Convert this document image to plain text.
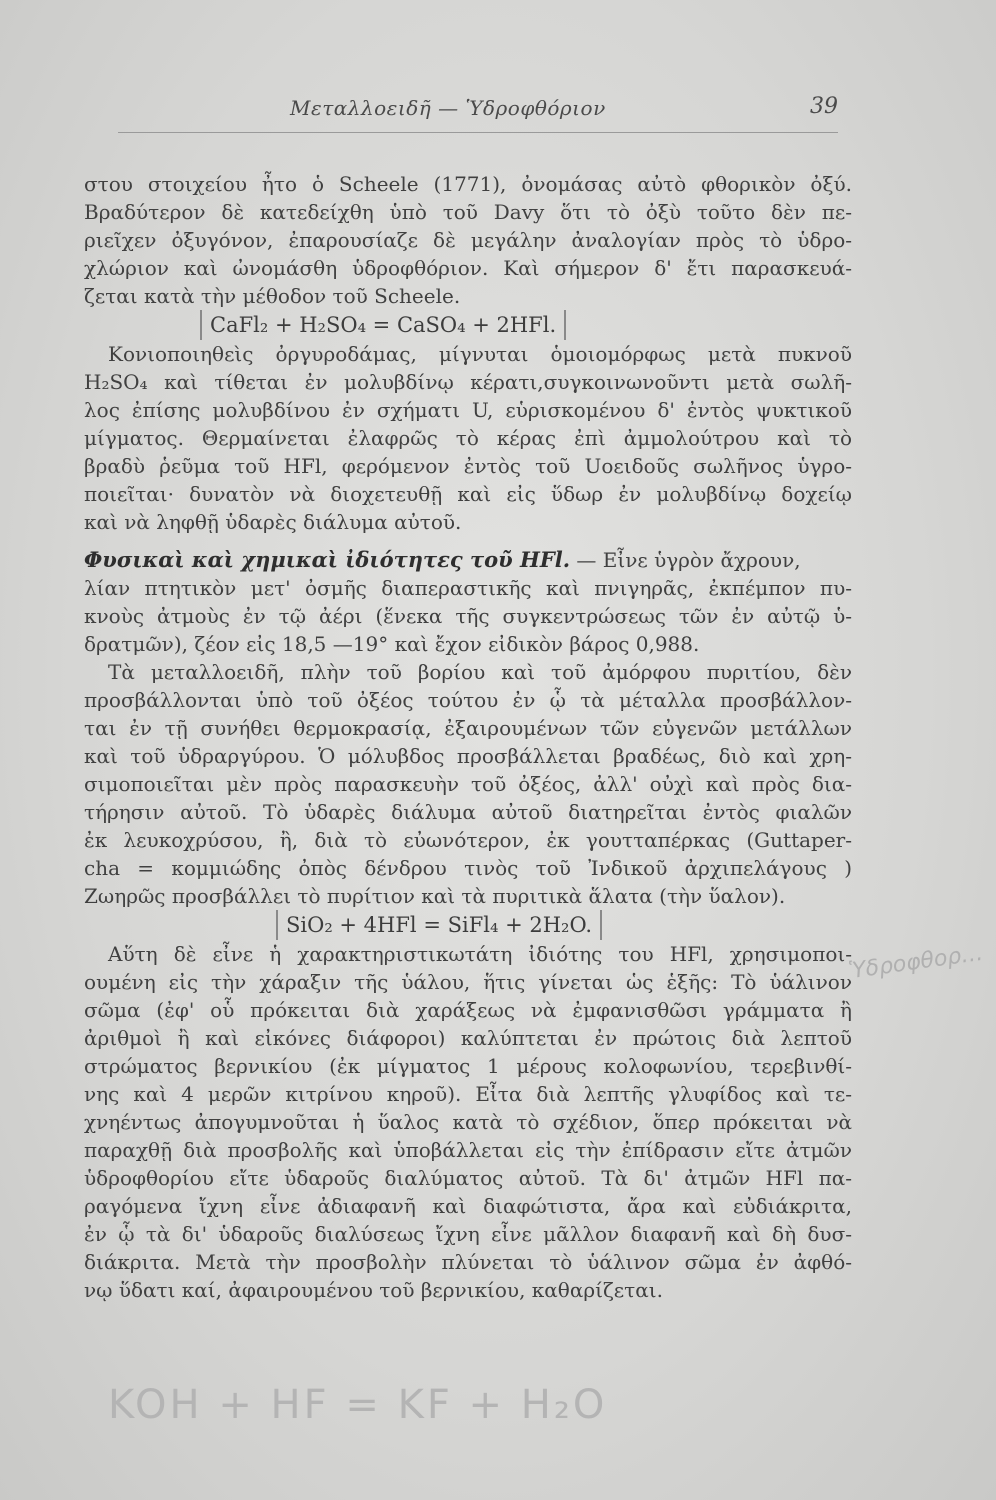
Μεταλλοειδῆ — Ὑδροφθόριον	39
στου στοιχείου ἦτο ὁ Scheele (1771), ὀνομάσας αὐτὸ φθορικὸν ὀξύ.
Βραδύτερον δὲ κατεδείχθη ὑπὸ τοῦ Davy ὅτι τὸ ὀξὺ τοῦτο δὲν πε-
ριεῖχεν ὀξυγόνον, ἐπαρουσίαζε δὲ μεγάλην ἀναλογίαν πρὸς τὸ ὑδρο-
χλώριον καὶ ὠνομάσθη ὑδροφθόριον. Καὶ σήμερον δ' ἔτι παρασκευά-
ζεται κατὰ τὴν μέθοδον τοῦ Scheele.
CaFl₂ + H₂SO₄ = CaSO₄ + 2HFl.
Κονιοποιηθεὶς ὀργυροδάμας, μίγνυται ὁμοιομόρφως μετὰ πυκνοῦ
H₂SO₄ καὶ τίθεται ἐν μολυβδίνῳ κέρατι,συγκοινωνοῦντι μετὰ σωλῆ-
λος ἐπίσης μολυβδίνου ἐν σχήματι U, εὑρισκομένου δ' ἐντὸς ψυκτικοῦ
μίγματος. Θερμαίνεται ἐλαφρῶς τὸ κέρας ἐπὶ ἀμμολούτρου καὶ τὸ
βραδὺ ῥεῦμα τοῦ HFl, φερόμενον ἐντὸς τοῦ Uοειδοῦς σωλῆνος ὑγρο-
ποιεῖται· δυνατὸν νὰ διοχετευθῇ καὶ εἰς ὕδωρ ἐν μολυβδίνῳ δοχείῳ
καὶ νὰ ληφθῇ ὑδαρὲς διάλυμα αὐτοῦ.
Φυσικαὶ καὶ χημικαὶ ἰδιότητες τοῦ HFl. — Εἶνε ὑγρὸν ἄχρουν,
λίαν πτητικὸν μετ' ὀσμῆς διαπεραστικῆς καὶ πνιγηρᾶς, ἐκπέμπον πυ-
κνοὺς ἀτμοὺς ἐν τῷ ἀέρι (ἕνεκα τῆς συγκεντρώσεως τῶν ἐν αὐτῷ ὑ-
δρατμῶν), ζέον εἰς 18,5 —19° καὶ ἔχον εἰδικὸν βάρος 0,988.
Τὰ μεταλλοειδῆ, πλὴν τοῦ βορίου καὶ τοῦ ἀμόρφου πυριτίου, δὲν
προσβάλλονται ὑπὸ τοῦ ὀξέος τούτου ἐν ᾧ τὰ μέταλλα προσβάλλον-
ται ἐν τῇ συνήθει θερμοκρασίᾳ, ἐξαιρουμένων τῶν εὐγενῶν μετάλλων
καὶ τοῦ ὑδραργύρου. Ὁ μόλυβδος προσβάλλεται βραδέως, διὸ καὶ χρη-
σιμοποιεῖται μὲν πρὸς παρασκευὴν τοῦ ὀξέος, ἀλλ' οὐχὶ καὶ πρὸς δια-
τήρησιν αὐτοῦ. Τὸ ὑδαρὲς διάλυμα αὐτοῦ διατηρεῖται ἐντὸς φιαλῶν
ἐκ λευκοχρύσου, ἢ, διὰ τὸ εὐωνότερον, ἐκ γουτταπέρκας (Guttaper-
cha = κομμιώδης ὀπὸς δένδρου τινὸς τοῦ Ἰνδικοῦ ἀρχιπελάγους )
Ζωηρῶς προσβάλλει τὸ πυρίτιον καὶ τὰ πυριτικὰ ἅλατα (τὴν ὕαλον).
SiO₂ + 4HFl = SiFl₄ + 2H₂O.
Αὕτη δὲ εἶνε ἡ χαρακτηριστικωτάτη ἰδιότης του HFl, χρησιμοποι-
ουμένη εἰς τὴν χάραξιν τῆς ὑάλου, ἥτις γίνεται ὡς ἑξῆς: Τὸ ὑάλινον
σῶμα (ἐφ' οὗ πρόκειται διὰ χαράξεως νὰ ἐμφανισθῶσι γράμματα ἢ
ἀριθμοὶ ἢ καὶ εἰκόνες διάφοροι) καλύπτεται ἐν πρώτοις διὰ λεπτοῦ
στρώματος βερνικίου (ἐκ μίγματος 1 μέρους κολοφωνίου, τερεβινθί-
νης καὶ 4 μερῶν κιτρίνου κηροῦ). Εἶτα διὰ λεπτῆς γλυφίδος καὶ τε-
χνηέντως ἀπογυμνοῦται ἡ ὕαλος κατὰ τὸ σχέδιον, ὅπερ πρόκειται νὰ
παραχθῇ διὰ προσβολῆς καὶ ὑποβάλλεται εἰς τὴν ἐπίδρασιν εἴτε ἀτμῶν
ὑδροφθορίου εἴτε ὑδαροῦς διαλύματος αὐτοῦ. Τὰ δι' ἀτμῶν HFl πα-
ραγόμενα ἴχνη εἶνε ἀδιαφανῆ καὶ διαφώτιστα, ἄρα καὶ εὐδιάκριτα,
ἐν ᾧ τὰ δι' ὑδαροῦς διαλύσεως ἴχνη εἶνε μᾶλλον διαφανῆ καὶ δὴ δυσ-
διάκριτα. Μετὰ τὴν προσβολὴν πλύνεται τὸ ὑάλινον σῶμα ἐν ἀφθό-
νῳ ὕδατι καί, ἀφαιρουμένου τοῦ βερνικίου, καθαρίζεται.
Ὑδροφθορ…
KOH + HF = KF + H₂O
